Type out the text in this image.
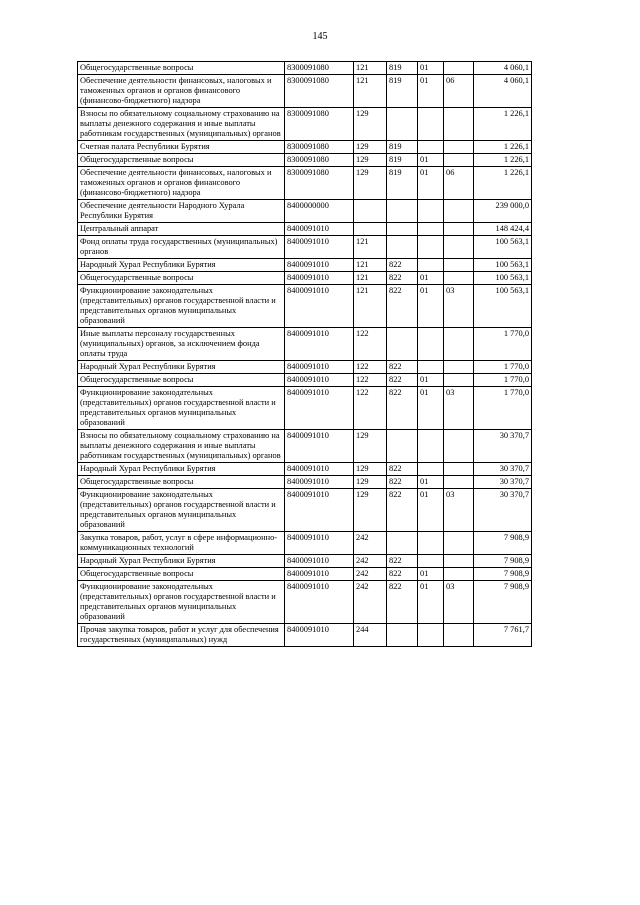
145
Общегосударственные вопросы	8300091080	121	819	01		4 060,1
Обеспечение деятельности финансовых, налоговых и таможенных органов и органов финансового (финансово-бюджетного) надзора	8300091080	121	819	01	06	4 060,1
Взносы по обязательному социальному страхованию на выплаты денежного содержания и иные выплаты работникам государственных (муниципальных) органов	8300091080	129				1 226,1
Счетная палата Республики Бурятия	8300091080	129	819			1 226,1
Общегосударственные вопросы	8300091080	129	819	01		1 226,1
Обеспечение деятельности финансовых, налоговых и таможенных органов и органов финансового (финансово-бюджетного) надзора	8300091080	129	819	01	06	1 226,1
Обеспечение деятельности Народного Хурала Республики Бурятия	8400000000					239 000,0
Центральный аппарат	8400091010					148 424,4
Фонд оплаты труда государственных (муниципальных) органов	8400091010	121				100 563,1
Народный Хурал Республики Бурятия	8400091010	121	822			100 563,1
Общегосударственные вопросы	8400091010	121	822	01		100 563,1
Функционирование законодательных (представительных) органов государственной власти и представительных органов муниципальных образований	8400091010	121	822	01	03	100 563,1
Иные выплаты персоналу государственных (муниципальных) органов, за исключением фонда оплаты труда	8400091010	122				1 770,0
Народный Хурал Республики Бурятия	8400091010	122	822			1 770,0
Общегосударственные вопросы	8400091010	122	822	01		1 770,0
Функционирование законодательных (представительных) органов государственной власти и представительных органов муниципальных образований	8400091010	122	822	01	03	1 770,0
Взносы по обязательному социальному страхованию на выплаты денежного содержания и иные выплаты работникам государственных (муниципальных) органов	8400091010	129				30 370,7
Народный Хурал Республики Бурятия	8400091010	129	822			30 370,7
Общегосударственные вопросы	8400091010	129	822	01		30 370,7
Функционирование законодательных (представительных) органов государственной власти и представительных органов муниципальных образований	8400091010	129	822	01	03	30 370,7
Закупка товаров, работ, услуг в сфере информационно-коммуникационных технологий	8400091010	242				7 908,9
Народный Хурал Республики Бурятия	8400091010	242	822			7 908,9
Общегосударственные вопросы	8400091010	242	822	01		7 908,9
Функционирование законодательных (представительных) органов государственной власти и представительных органов муниципальных образований	8400091010	242	822	01	03	7 908,9
Прочая закупка товаров, работ и услуг для обеспечения государственных (муниципальных) нужд	8400091010	244				7 761,7
